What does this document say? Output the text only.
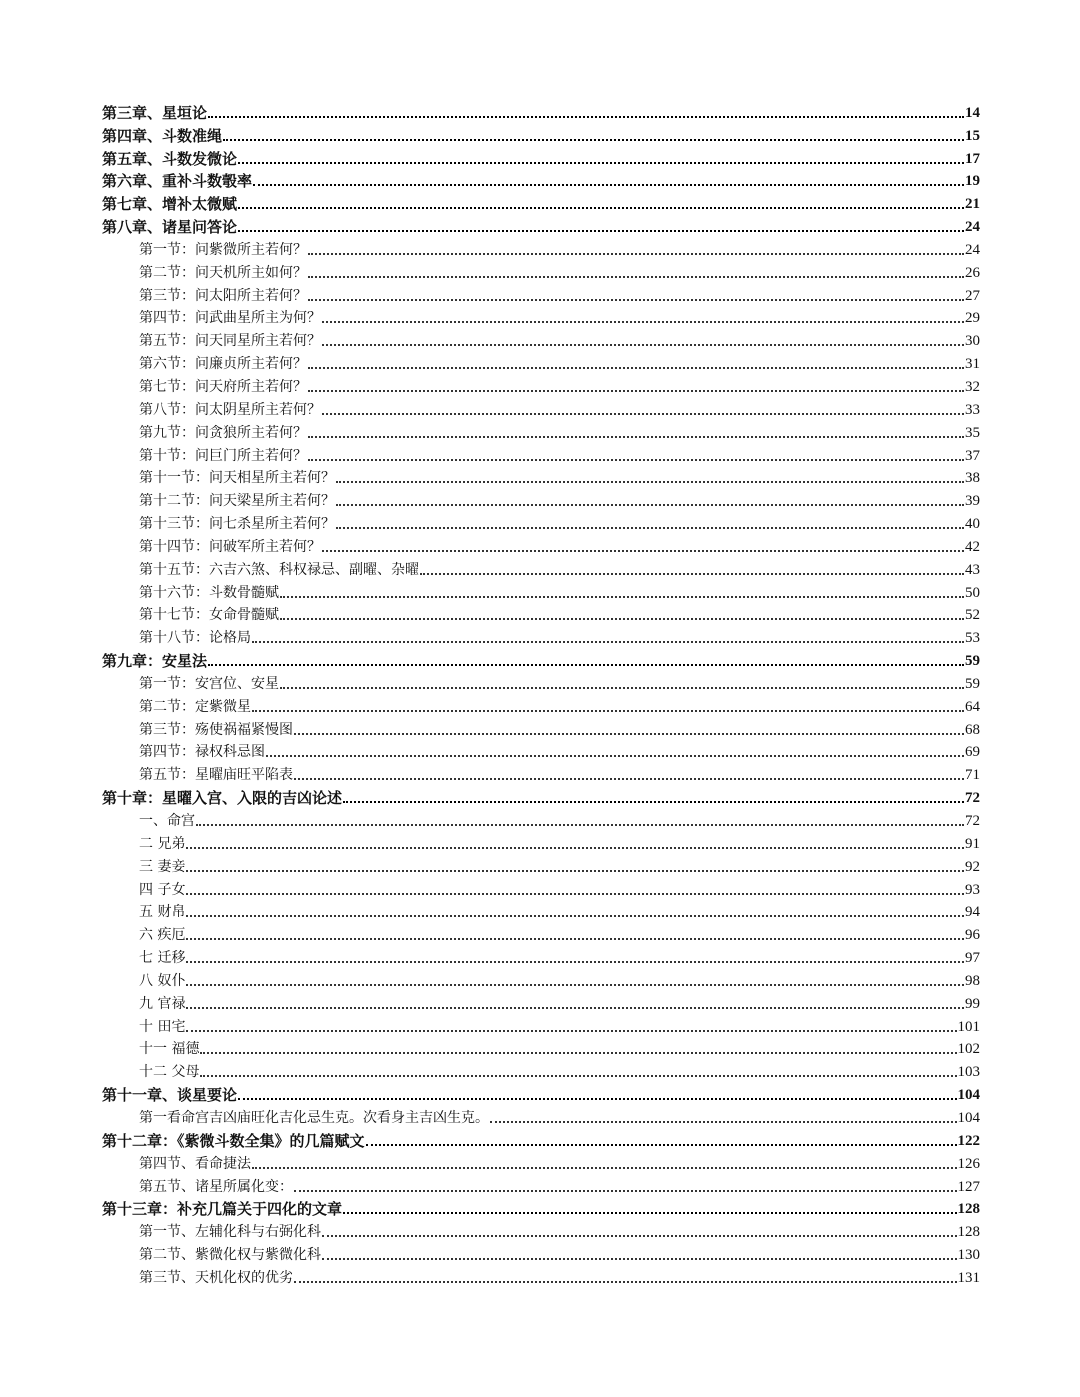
第三章、星垣论	14
第四章、斗数准绳	15
第五章、斗数发微论	17
第六章、重补斗数彀率	19
第七章、增补太微赋	21
第八章、诸星问答论	24
第一节：问紫微所主若何？	24
第二节：问天机所主如何？	26
第三节：问太阳所主若何？	27
第四节：问武曲星所主为何？	29
第五节：问天同星所主若何？	30
第六节：问廉贞所主若何？	31
第七节：问天府所主若何？	32
第八节：问太阴星所主若何？	33
第九节：问贪狼所主若何？	35
第十节：问巨门所主若何？	37
第十一节：问天相星所主若何？	38
第十二节：问天梁星所主若何？	39
第十三节：问七杀星所主若何？	40
第十四节：问破军所主若何？	42
第十五节：六吉六煞、科权禄忌、副曜、杂曜	43
第十六节：斗数骨髓赋	50
第十七节：女命骨髓赋	52
第十八节：论格局	53
第九章：安星法	59
第一节：安宫位、安星	59
第二节：定紫微星	64
第三节：殇使祸福紧慢图	68
第四节：禄权科忌图	69
第五节：星曜庙旺平陷表	71
第十章：星曜入宫、入限的吉凶论述	72
一、命宫	72
二 兄弟	91
三 妻妾	92
四 子女	93
五 财帛	94
六 疾厄	96
七 迁移	97
八 奴仆	98
九 官禄	99
十 田宅	101
十一 福德	102
十二 父母	103
第十一章、谈星要论	104
第一看命宫吉凶庙旺化吉化忌生克。次看身主吉凶生克。	104
第十二章：《紫微斗数全集》的几篇赋文	122
第四节、看命捷法	126
第五节、诸星所属化变：	127
第十三章：补充几篇关于四化的文章	128
第一节、左辅化科与右弼化科	128
第二节、紫微化权与紫微化科	130
第三节、天机化权的优劣	131
